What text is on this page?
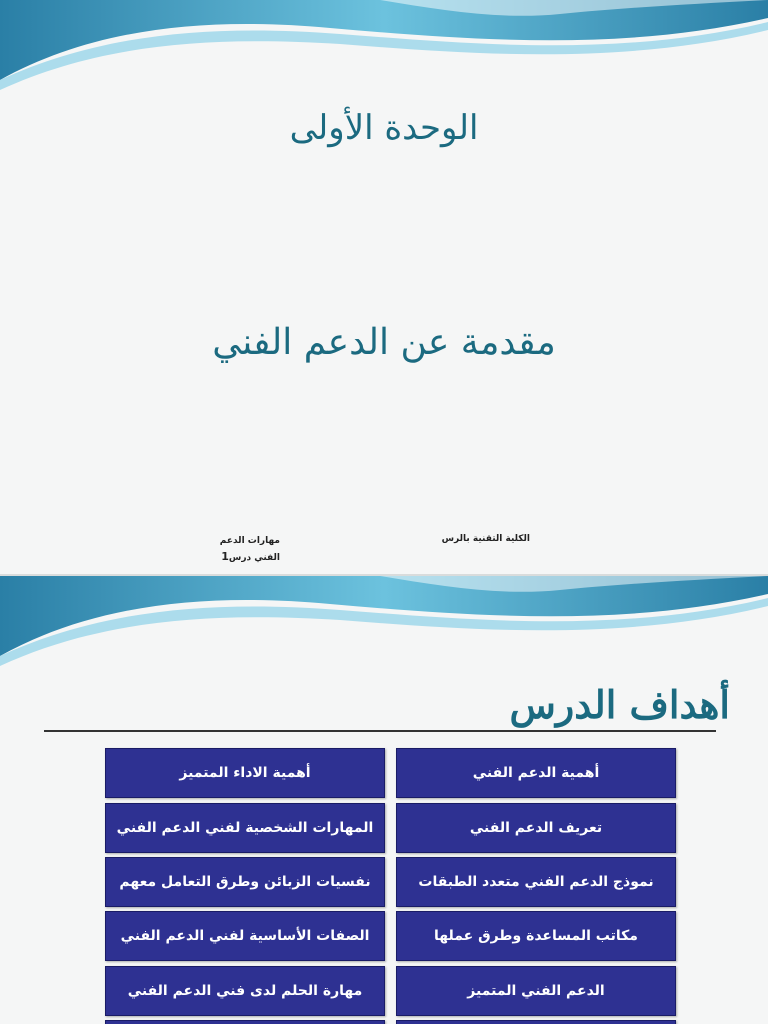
الوحدة الأولى
مقدمة عن الدعم الفني
الكلية التقنية بالرس
مهارات الدعم
الفني درس1
أهداف الدرس
أهمية الدعم الفني
أهمية الاداء المتميز
تعريف الدعم الفني
المهارات الشخصية لفني الدعم الفني
نموذج الدعم الفني متعدد الطبقات
نفسيات الزبائن وطرق التعامل معهم
مكاتب المساعدة وطرق عملها
الصفات الأساسية لفني الدعم الفني
الدعم الفني المتميز
مهارة الحلم لدى فني الدعم الفني
